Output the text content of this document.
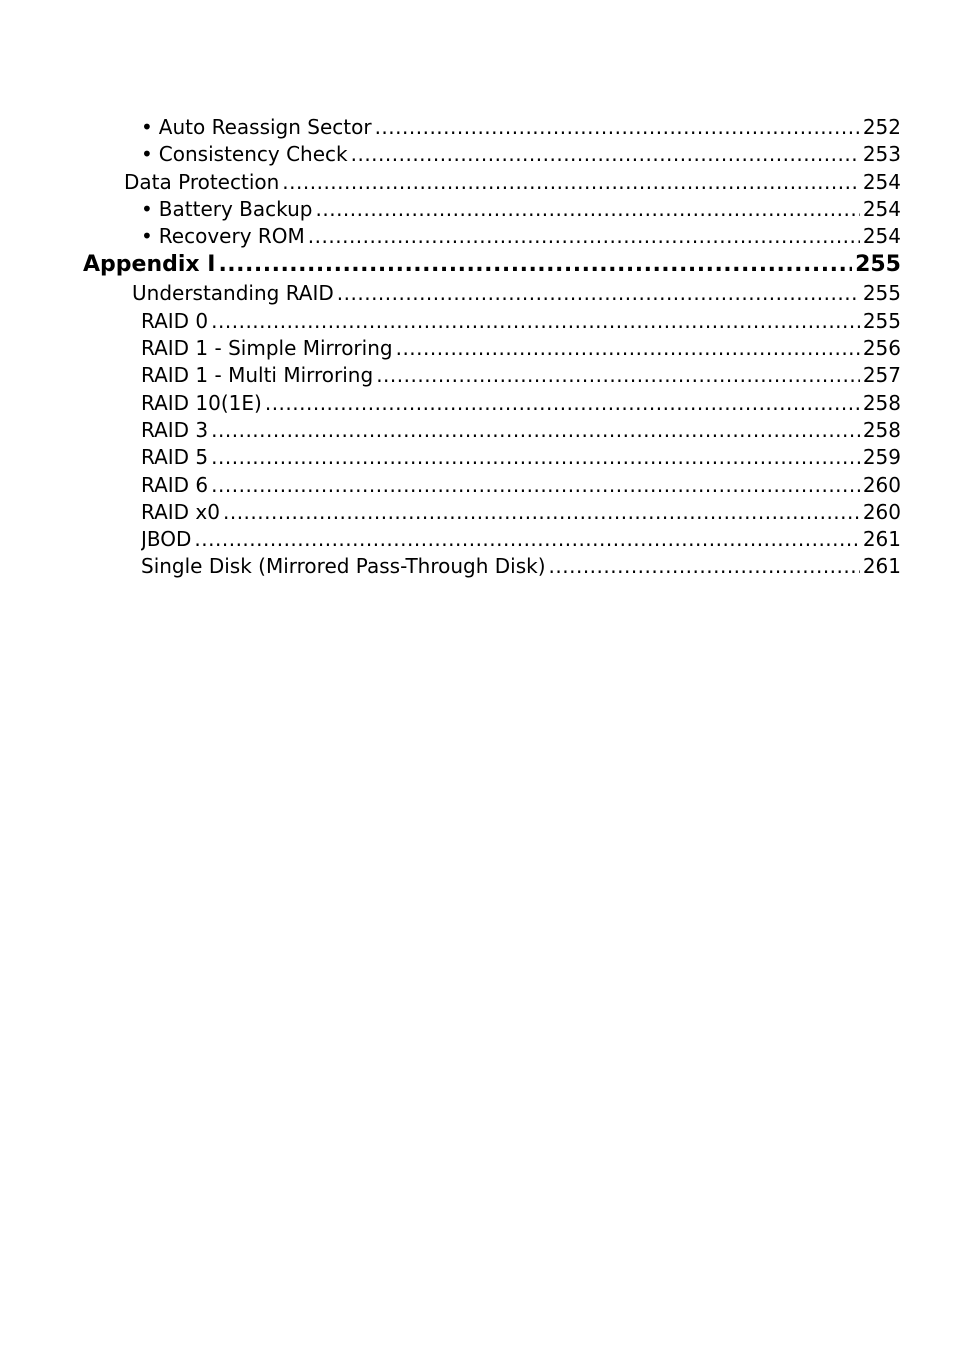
• Auto Reassign Sector .....	252
• Consistency Check .....	253
Data Protection .....	254
• Battery Backup .....	254
• Recovery ROM .....	254
Appendix I .....	255
Understanding RAID .....	255
RAID 0 .....	255
RAID 1 - Simple Mirroring .....	256
RAID 1 - Multi Mirroring .....	257
RAID 10(1E) .....	258
RAID 3 .....	258
RAID 5 .....	259
RAID 6 .....	260
RAID x0 .....	260
JBOD .....	261
Single Disk (Mirrored Pass-Through Disk) .....	261
